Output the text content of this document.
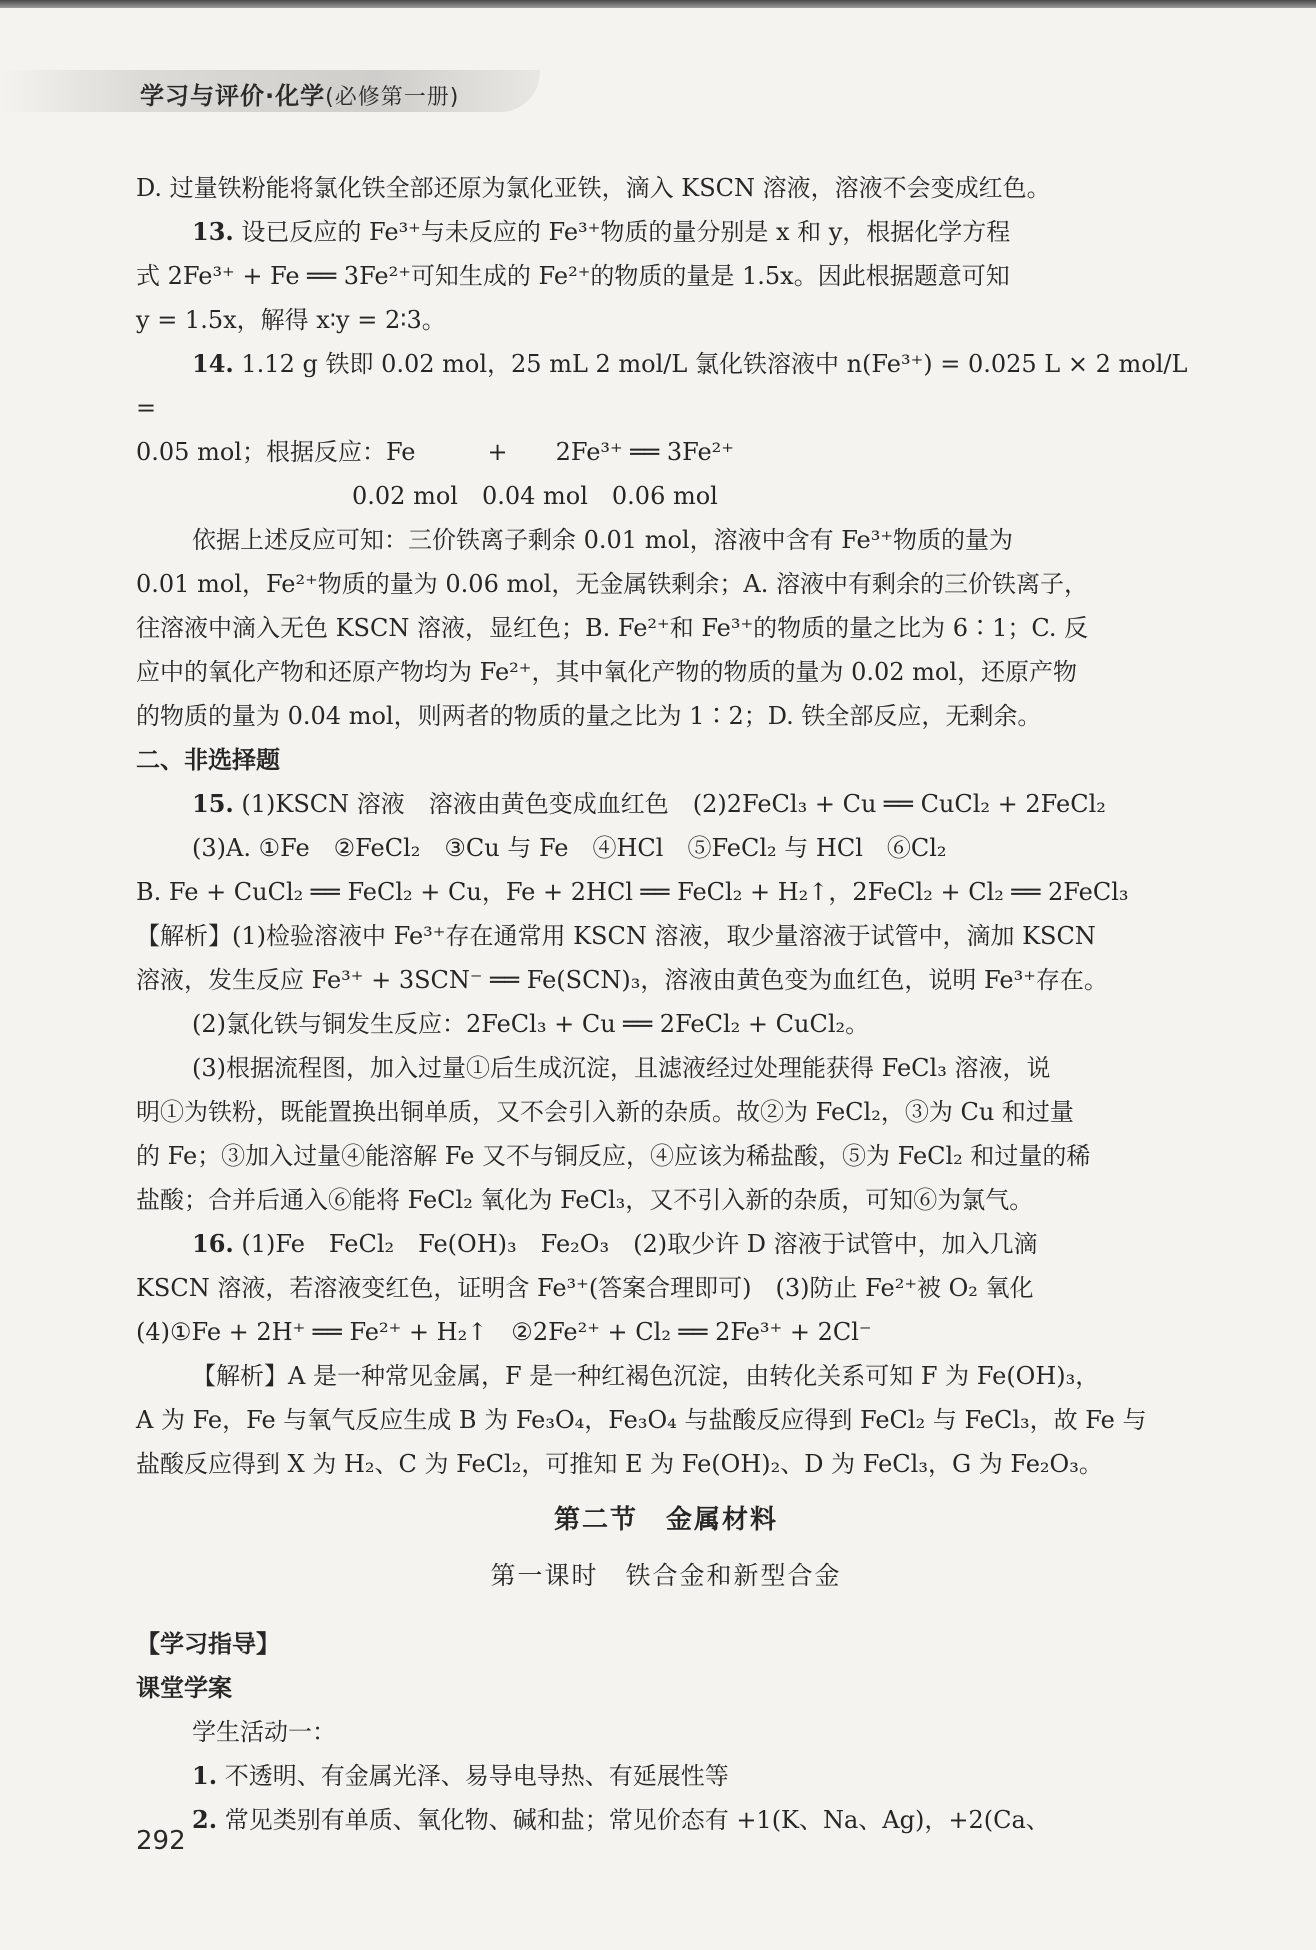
学习与评价·化学(必修第一册)

D. 过量铁粉能将氯化铁全部还原为氯化亚铁，滴入 KSCN 溶液，溶液不会变成红色。

13. 设已反应的 Fe³⁺与未反应的 Fe³⁺物质的量分别是 x 和 y，根据化学方程

式 2Fe³⁺ + Fe ══ 3Fe²⁺可知生成的 Fe²⁺的物质的量是 1.5x。因此根据题意可知

y = 1.5x，解得 x∶y = 2∶3。

14. 1.12 g 铁即 0.02 mol，25 mL 2 mol/L 氯化铁溶液中 n(Fe³⁺) = 0.025 L × 2 mol/L =

0.05 mol；根据反应：Fe　　　+　　2Fe³⁺ ══ 3Fe²⁺

0.02 mol　0.04 mol　0.06 mol

依据上述反应可知：三价铁离子剩余 0.01 mol，溶液中含有 Fe³⁺物质的量为

0.01 mol，Fe²⁺物质的量为 0.06 mol，无金属铁剩余；A. 溶液中有剩余的三价铁离子，

往溶液中滴入无色 KSCN 溶液，显红色；B. Fe²⁺和 Fe³⁺的物质的量之比为 6∶1；C. 反

应中的氧化产物和还原产物均为 Fe²⁺，其中氧化产物的物质的量为 0.02 mol，还原产物

的物质的量为 0.04 mol，则两者的物质的量之比为 1∶2；D. 铁全部反应，无剩余。

二、非选择题

15. (1)KSCN 溶液　溶液由黄色变成血红色　(2)2FeCl₃ + Cu ══ CuCl₂ + 2FeCl₂

(3)A. ①Fe　②FeCl₂　③Cu 与 Fe　④HCl　⑤FeCl₂ 与 HCl　⑥Cl₂

B. Fe + CuCl₂ ══ FeCl₂ + Cu，Fe + 2HCl ══ FeCl₂ + H₂↑，2FeCl₂ + Cl₂ ══ 2FeCl₃

【解析】(1)检验溶液中 Fe³⁺存在通常用 KSCN 溶液，取少量溶液于试管中，滴加 KSCN

溶液，发生反应 Fe³⁺ + 3SCN⁻ ══ Fe(SCN)₃，溶液由黄色变为血红色，说明 Fe³⁺存在。

(2)氯化铁与铜发生反应：2FeCl₃ + Cu ══ 2FeCl₂ + CuCl₂。

(3)根据流程图，加入过量①后生成沉淀，且滤液经过处理能获得 FeCl₃ 溶液，说

明①为铁粉，既能置换出铜单质，又不会引入新的杂质。故②为 FeCl₂，③为 Cu 和过量

的 Fe；③加入过量④能溶解 Fe 又不与铜反应，④应该为稀盐酸，⑤为 FeCl₂ 和过量的稀

盐酸；合并后通入⑥能将 FeCl₂ 氧化为 FeCl₃，又不引入新的杂质，可知⑥为氯气。

16. (1)Fe　FeCl₂　Fe(OH)₃　Fe₂O₃　(2)取少许 D 溶液于试管中，加入几滴

KSCN 溶液，若溶液变红色，证明含 Fe³⁺(答案合理即可)　(3)防止 Fe²⁺被 O₂ 氧化

(4)①Fe + 2H⁺ ══ Fe²⁺ + H₂↑　②2Fe²⁺ + Cl₂ ══ 2Fe³⁺ + 2Cl⁻

【解析】A 是一种常见金属，F 是一种红褐色沉淀，由转化关系可知 F 为 Fe(OH)₃，

A 为 Fe，Fe 与氧气反应生成 B 为 Fe₃O₄，Fe₃O₄ 与盐酸反应得到 FeCl₂ 与 FeCl₃，故 Fe 与

盐酸反应得到 X 为 H₂、C 为 FeCl₂，可推知 E 为 Fe(OH)₂、D 为 FeCl₃，G 为 Fe₂O₃。

第二节　金属材料

第一课时　铁合金和新型合金

【学习指导】

课堂学案

学生活动一：

1. 不透明、有金属光泽、易导电导热、有延展性等

2. 常见类别有单质、氧化物、碱和盐；常见价态有 +1(K、Na、Ag)，+2(Ca、

292
